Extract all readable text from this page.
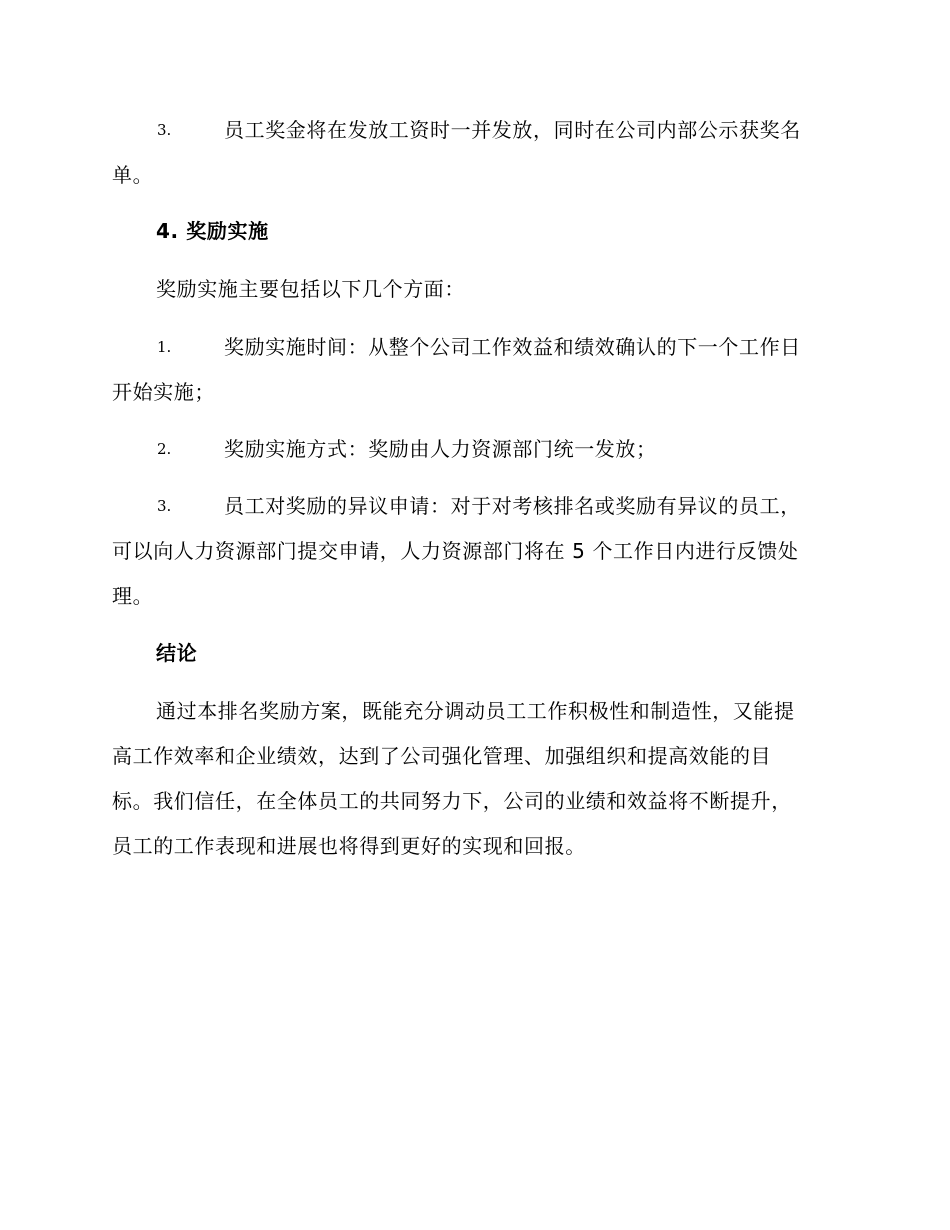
3.	员工奖金将在发放工资时一并发放，同时在公司内部公示获奖名
单。
4. 奖励实施
奖励实施主要包括以下几个方面：
1.	奖励实施时间：从整个公司工作效益和绩效确认的下一个工作日
开始实施；
2.	奖励实施方式：奖励由人力资源部门统一发放；
3.	员工对奖励的异议申请：对于对考核排名或奖励有异议的员工，
可以向人力资源部门提交申请，人力资源部门将在 5 个工作日内进行反馈处
理。
结论
通过本排名奖励方案，既能充分调动员工工作积极性和制造性，又能提
高工作效率和企业绩效，达到了公司强化管理、加强组织和提高效能的目
标。我们信任，在全体员工的共同努力下，公司的业绩和效益将不断提升，
员工的工作表现和进展也将得到更好的实现和回报。
